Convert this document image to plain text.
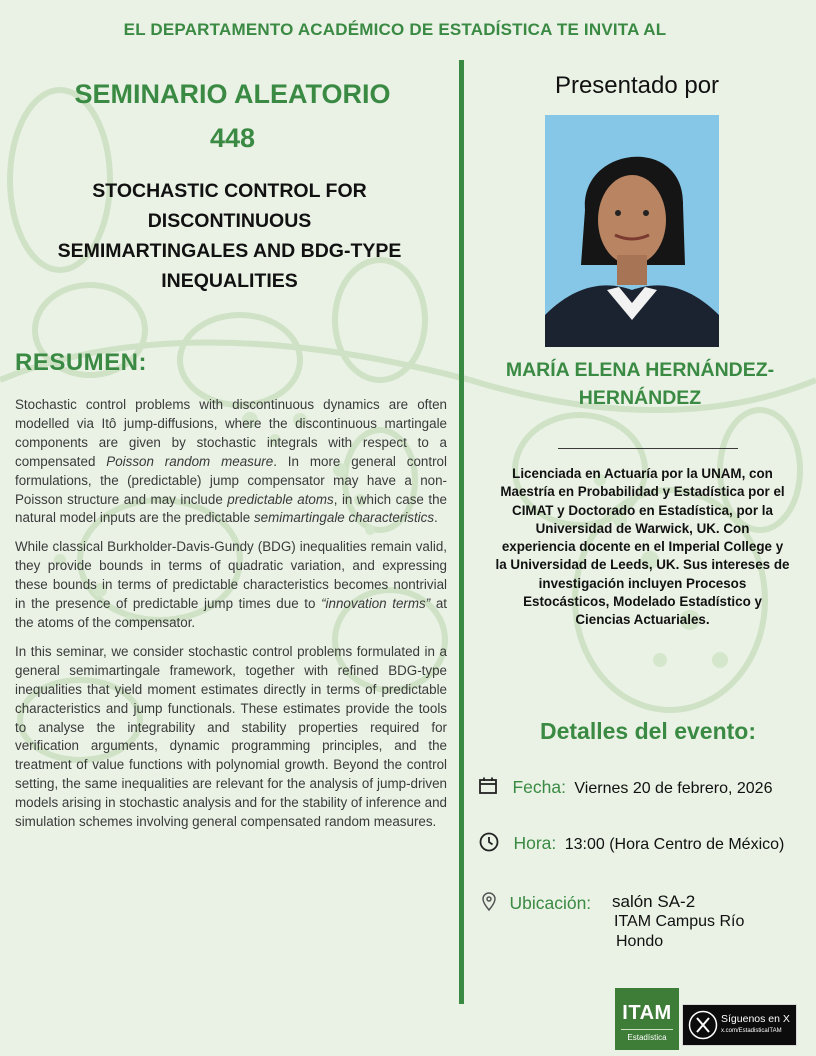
EL DEPARTAMENTO ACADÉMICO DE ESTADÍSTICA TE INVITA AL
SEMINARIO ALEATORIO
448
STOCHASTIC CONTROL FOR
DISCONTINUOUS
SEMIMARTINGALES AND BDG-TYPE
INEQUALITIES
RESUMEN:

Stochastic control problems with discontinuous dynamics are often modelled via Itô jump-diffusions, where the discontinuous martingale components are given by stochastic integrals with respect to a compensated Poisson random measure. In more general control formulations, the (predictable) jump compensator may have a non-Poisson structure and may include predictable atoms, in which case the natural model inputs are the predictable semimartingale characteristics.

While classical Burkholder-Davis-Gundy (BDG) inequalities remain valid, they provide bounds in terms of quadratic variation, and expressing these bounds in terms of predictable characteristics becomes nontrivial in the presence of predictable jump times due to “innovation terms” at the atoms of the compensator.

In this seminar, we consider stochastic control problems formulated in a general semimartingale framework, together with refined BDG-type inequalities that yield moment estimates directly in terms of predictable characteristics and jump functionals. These estimates provide the tools to analyse the integrability and stability properties required for verification arguments, dynamic programming principles, and the treatment of value functions with polynomial growth. Beyond the control setting, the same inequalities are relevant for the analysis of jump-driven models arising in stochastic analysis and for the stability of inference and simulation schemes involving general compensated random measures.

Presentado por
MARÍA ELENA HERNÁNDEZ-
HERNÁNDEZ
Licenciada en Actuaría por la UNAM, con
Maestría en Probabilidad y Estadística por el
CIMAT y Doctorado en Estadística, por la
Universidad de Warwick, UK. Con
experiencia docente en el Imperial College y
la Universidad de Leeds, UK. Sus intereses de
investigación incluyen Procesos
Estocásticos, Modelado Estadístico y
Ciencias Actuariales.
Detalles del evento:
Fecha: Viernes 20 de febrero, 2026
Hora: 13:00 (Hora Centro de México)
Ubicación: salón SA-2
ITAM Campus Río
Hondo
ITAM
Estadística
Síguenos en X
x.com/EstadisticaITAM
